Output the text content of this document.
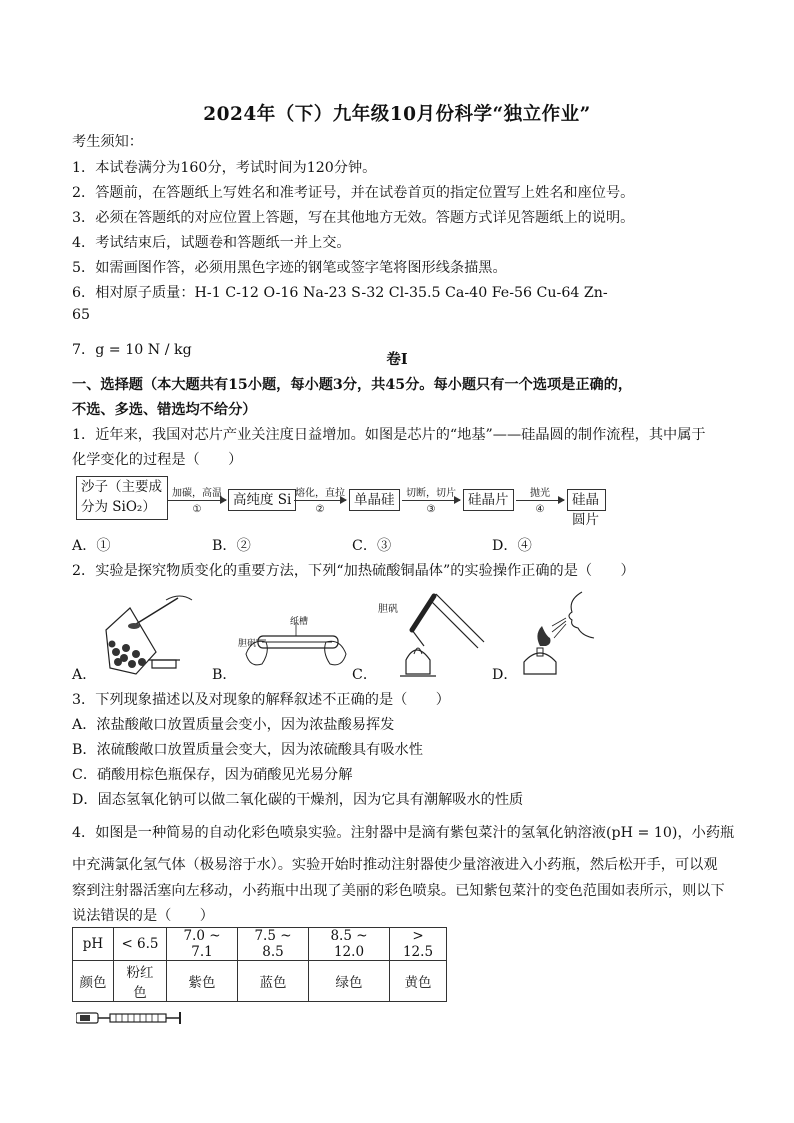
2024年（下）九年级10月份科学“独立作业”
考生须知：
1．本试卷满分为160分，考试时间为120分钟。
2．答题前，在答题纸上写姓名和准考证号，并在试卷首页的指定位置写上姓名和座位号。
3．必须在答题纸的对应位置上答题，写在其他地方无效。答题方式详见答题纸上的说明。
4．考试结束后，试题卷和答题纸一并上交。
5．如需画图作答，必须用黑色字迹的钢笔或签字笔将图形线条描黑。
6．相对原子质量：H-1 C-12 O-16 Na-23 S-32 Cl-35.5 Ca-40 Fe-56 Cu-64 Zn-
65
7．g = 10 N / kg
卷Ⅰ
一、选择题（本大题共有15小题，每小题3分，共45分。每小题只有一个选项是正确的，
不选、多选、错选均不给分）
1．近年来，我国对芯片产业关注度日益增加。如图是芯片的“地基”——硅晶圆的制作流程，其中属于
化学变化的过程是（　　）
沙子（主要成
分为 SiO₂）
加碳，高温
①
高纯度 Si 熔化，直拉
②
单晶硅	切断，切片
③
硅晶片	抛光
④
硅晶圆片
A．①	B．②	C．③	D．④
2．实验是探究物质变化的重要方法，下列“加热硫酸铜晶体”的实验操作正确的是（　　）
胆矾
纸槽
胆矾
A．	B．	C．	D．
3．下列现象描述以及对现象的解释叙述不正确的是（　　）
A．浓盐酸敞口放置质量会变小，因为浓盐酸易挥发
B．浓硫酸敞口放置质量会变大，因为浓硫酸具有吸水性
C．硝酸用棕色瓶保存，因为硝酸见光易分解
D．固态氢氧化钠可以做二氧化碳的干燥剂，因为它具有潮解吸水的性质
4．如图是一种简易的自动化彩色喷泉实验。注射器中是滴有紫包菜汁的氢氧化钠溶液(pH = 10)，小药瓶
中充满氯化氢气体（极易溶于水）。实验开始时推动注射器使少量溶液进入小药瓶，然后松开手，可以观
察到注射器活塞向左移动，小药瓶中出现了美丽的彩色喷泉。已知紫包菜汁的变色范围如表所示，则以下
说法错误的是（　　）
pH	< 6.5	7.0 ~ 7.1	7.5 ~ 8.5	8.5 ~ 12.0	> 12.5
颜色	粉红色	紫色	蓝色	绿色	黄色
